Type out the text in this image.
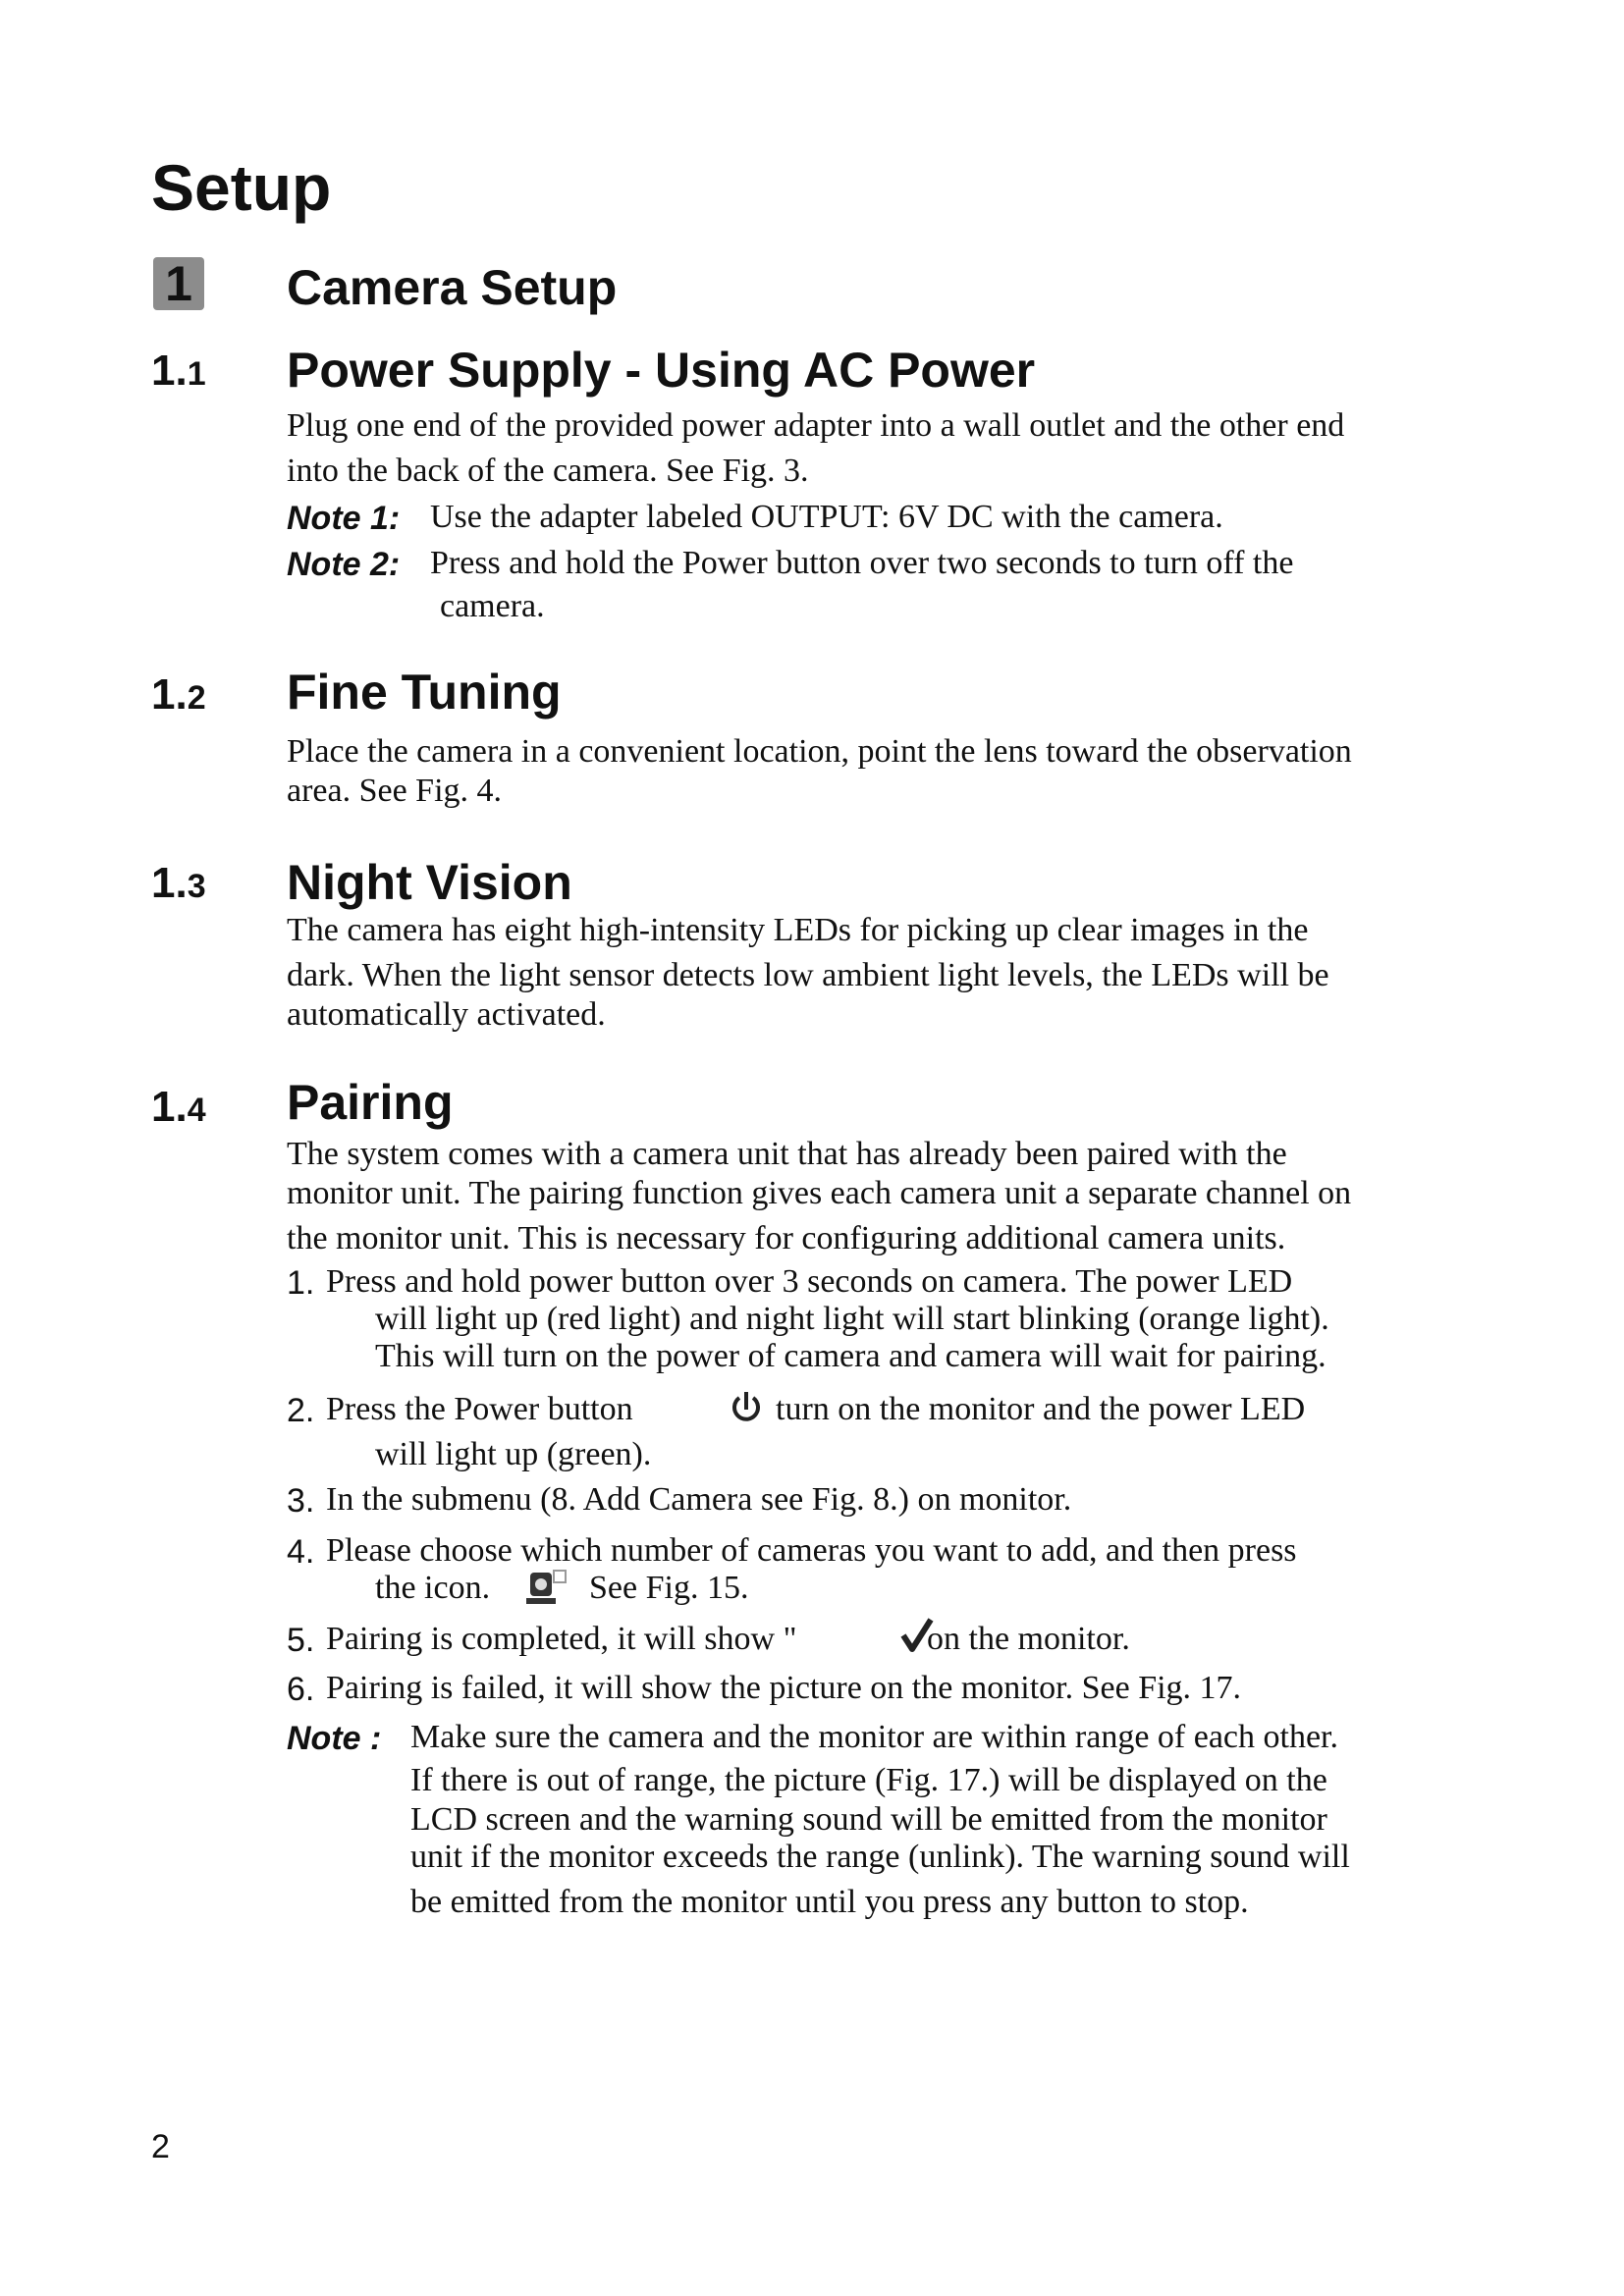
Setup
1 Camera Setup
1.1 Power Supply - Using AC Power
Plug one end of the provided power adapter into a wall outlet and the other end
into the back of the camera. See Fig. 3.
Note 1: Use the adapter labeled OUTPUT: 6V DC with the camera.
Note 2: Press and hold the Power button over two seconds to turn off the
camera.
1.2 Fine Tuning
Place the camera in a convenient location, point the lens toward the observation
area. See Fig. 4.
1.3 Night Vision
The camera has eight high-intensity LEDs for picking up clear images in the
dark. When the light sensor detects low ambient light levels, the LEDs will be
automatically activated.
1.4 Pairing
The system comes with a camera unit that has already been paired with the
monitor unit. The pairing function gives each camera unit a separate channel on
the monitor unit. This is necessary for configuring additional camera units.
1. Press and hold power button over 3 seconds on camera. The power LED
will light up (red light) and night light will start blinking (orange light).
This will turn on the power of camera and camera will wait for pairing.
2. Press the Power button	turn on the monitor and the power LED
will light up (green).
3. In the submenu (8. Add Camera see Fig. 8.) on monitor.
4. Please choose which number of cameras you want to add, and then press
the icon.	See Fig. 15.
5. Pairing is completed, it will show "	on the monitor.
6. Pairing is failed, it will show the picture on the monitor. See Fig. 17.
Note : Make sure the camera and the monitor are within range of each other.
If there is out of range, the picture (Fig. 17.) will be displayed on the
LCD screen and the warning sound will be emitted from the monitor
unit if the monitor exceeds the range (unlink). The warning sound will
be emitted from the monitor until you press any button to stop.
2
